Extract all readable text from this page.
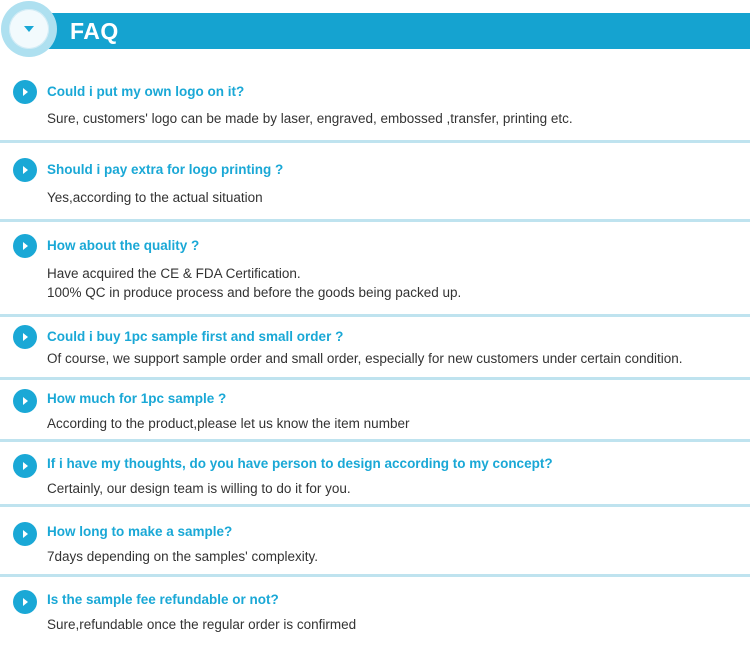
FAQ
Could i put my own logo on it?
Sure, customers' logo can be made by laser, engraved, embossed ,transfer, printing etc.
Should i pay extra for logo printing ?
Yes,according to the actual situation
How about the quality ?
Have acquired the CE & FDA Certification.
100% QC in produce process and before the goods being packed up.
Could i buy 1pc sample first and small order ?
Of course, we support sample order and small order, especially for new customers under certain condition.
How much for 1pc sample ?
According to the product,please let us know the item number
If i have my thoughts, do you have person to design according to my concept?
Certainly, our design team is willing to do it for you.
How long to make a sample?
7days depending on the samples' complexity.
Is the sample fee refundable or not?
Sure,refundable once the regular order is confirmed
